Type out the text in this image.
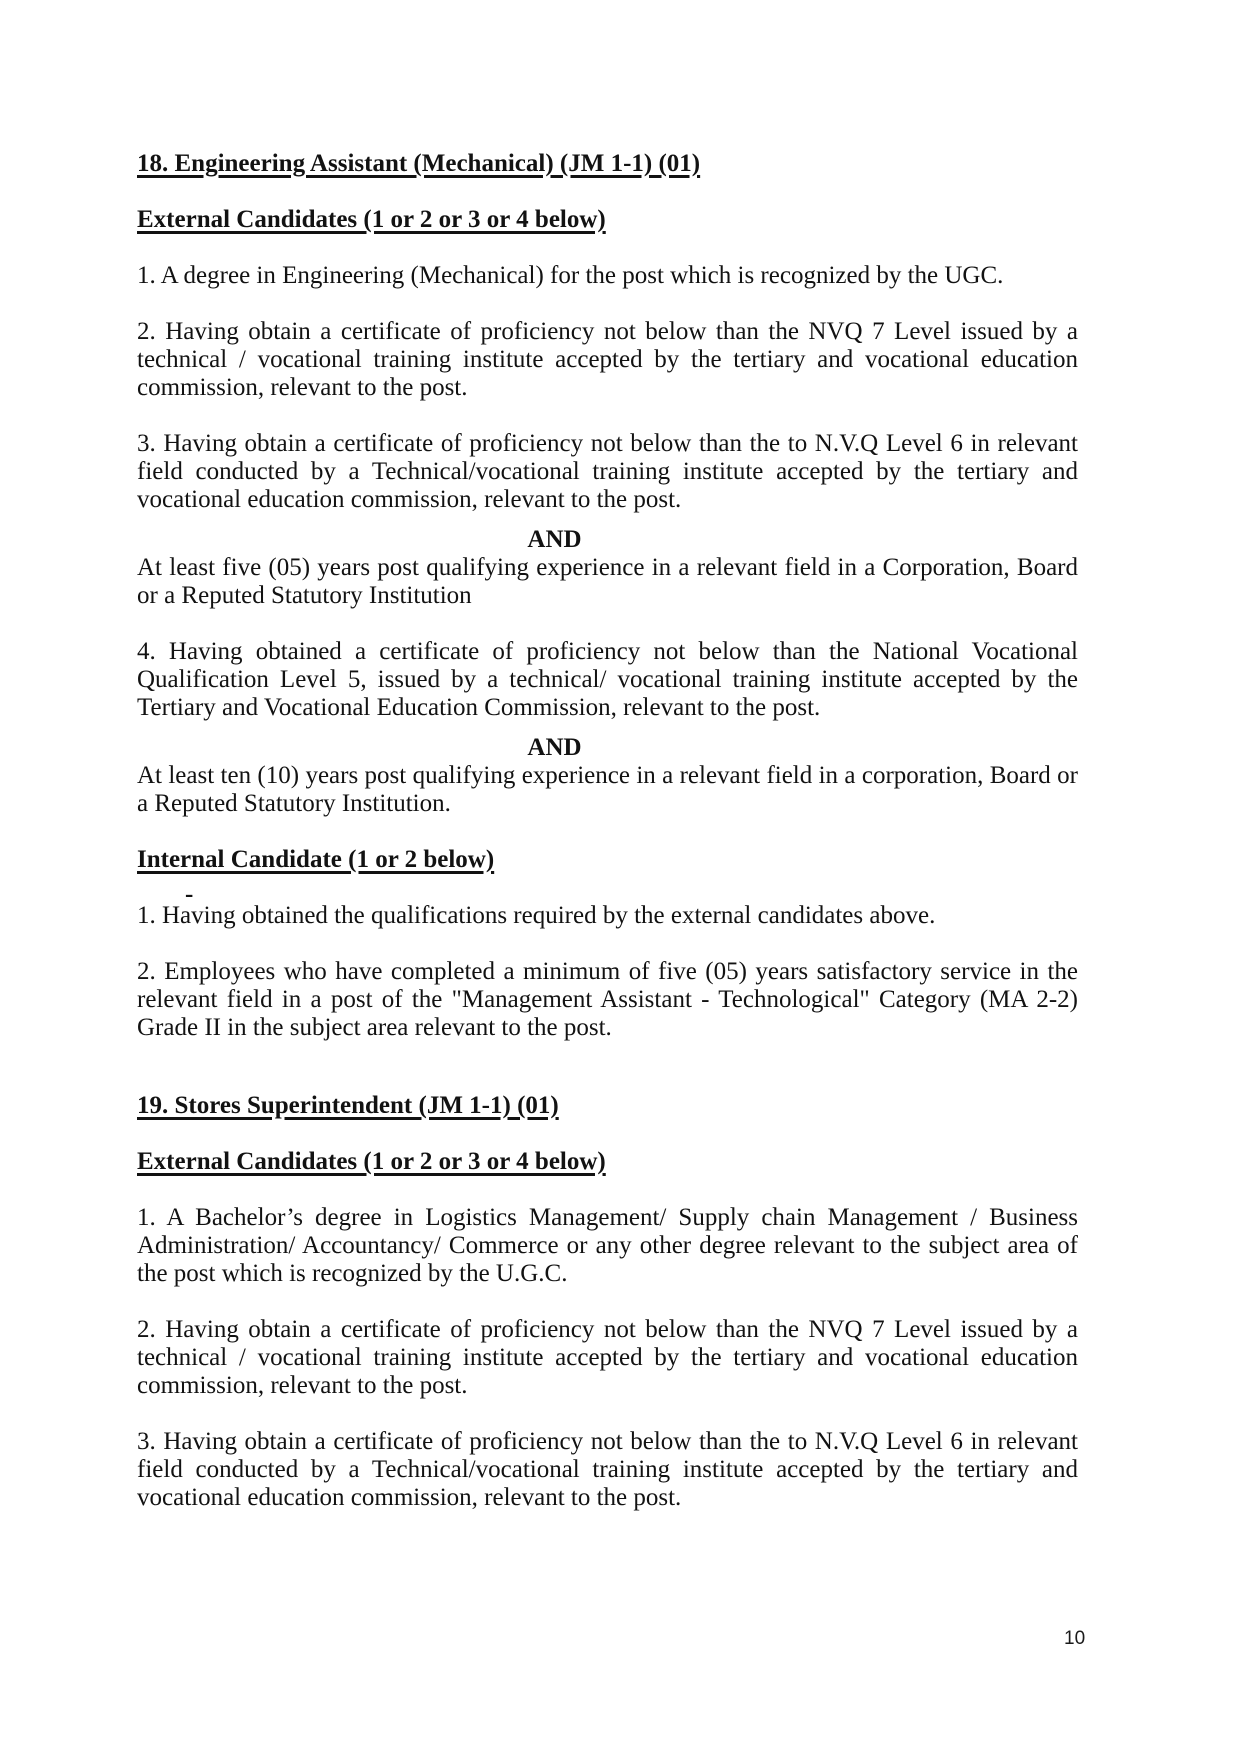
18. Engineering Assistant (Mechanical) (JM 1-1) (01)
External Candidates (1 or 2 or 3 or 4 below)

1. A degree in Engineering (Mechanical) for the post which is recognized by the UGC.

2. Having obtain a certificate of proficiency not below than the NVQ 7 Level issued by a technical / vocational training institute accepted by the tertiary and vocational education commission, relevant to the post.

3. Having obtain a certificate of proficiency not below than the to N.V.Q Level 6 in relevant field conducted by a Technical/vocational training institute accepted by the tertiary and vocational education commission, relevant to the post.

AND

At least five (05) years post qualifying experience in a relevant field in a Corporation, Board or a Reputed Statutory Institution

4. Having obtained a certificate of proficiency not below than the National Vocational Qualification Level 5, issued by a technical/ vocational training institute accepted by the Tertiary and Vocational Education Commission, relevant to the post.

AND

At least ten (10) years post qualifying experience in a relevant field in a corporation, Board or a Reputed Statutory Institution.

Internal Candidate (1 or 2 below)
-

1. Having obtained the qualifications required by the external candidates above.

2. Employees who have completed a minimum of five (05) years satisfactory service in the relevant field in a post of the "Management Assistant - Technological" Category (MA 2-2) Grade II in the subject area relevant to the post.

19. Stores Superintendent (JM 1-1) (01)
External Candidates (1 or 2 or 3 or 4 below)

1. A Bachelor’s degree in Logistics Management/ Supply chain Management / Business Administration/ Accountancy/ Commerce or any other degree relevant to the subject area of the post which is recognized by the U.G.C.

2. Having obtain a certificate of proficiency not below than the NVQ 7 Level issued by a technical / vocational training institute accepted by the tertiary and vocational education commission, relevant to the post.

3. Having obtain a certificate of proficiency not below than the to N.V.Q Level 6 in relevant field conducted by a Technical/vocational training institute accepted by the tertiary and vocational education commission, relevant to the post.

10
